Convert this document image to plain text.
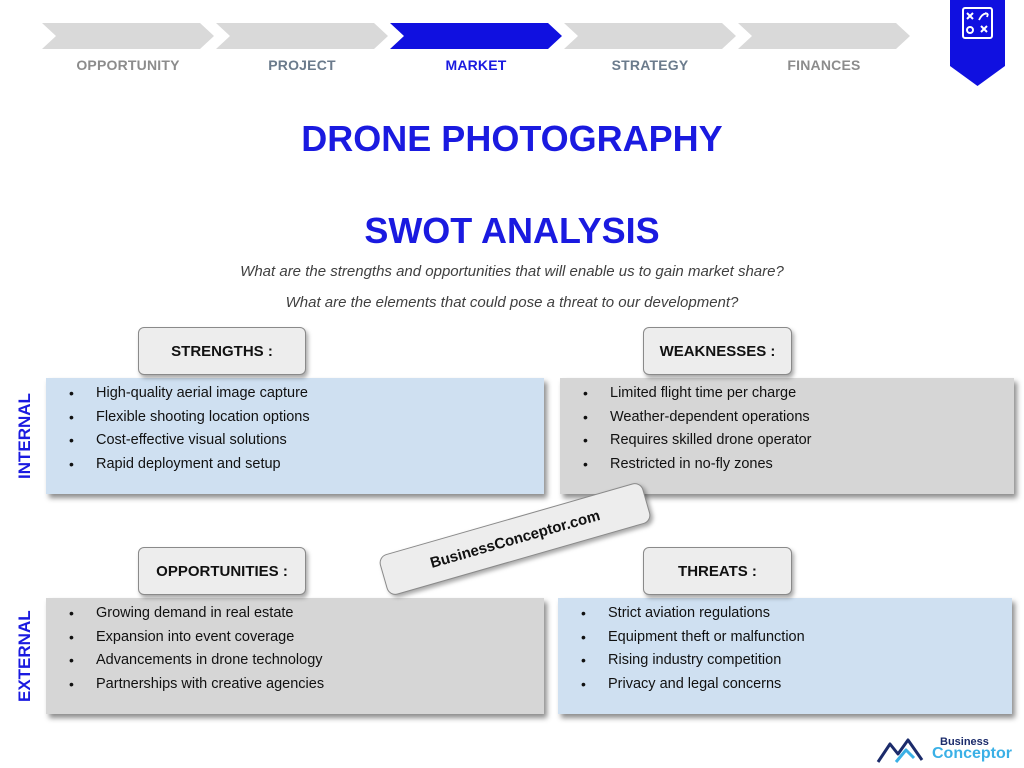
OPPORTUNITY	PROJECT	MARKET	STRATEGY	FINANCES
DRONE PHOTOGRAPHY
SWOT ANALYSIS
What are the strengths and opportunities that will enable us to gain market share?
What are the elements that could pose a threat to our development?
INTERNAL
EXTERNAL
• High-quality aerial image capture
• Flexible shooting location options
• Cost-effective visual solutions
• Rapid deployment and setup
• Limited flight time per charge
• Weather-dependent operations
• Requires skilled drone operator
• Restricted in no-fly zones
• Growing demand in real estate
• Expansion into event coverage
• Advancements in drone technology
• Partnerships with creative agencies
• Strict aviation regulations
• Equipment theft or malfunction
• Rising industry competition
• Privacy and legal concerns
STRENGTHS :	WEAKNESSES :
OPPORTUNITIES :	THREATS :
BusinessConceptor.com
Business
Conceptor
